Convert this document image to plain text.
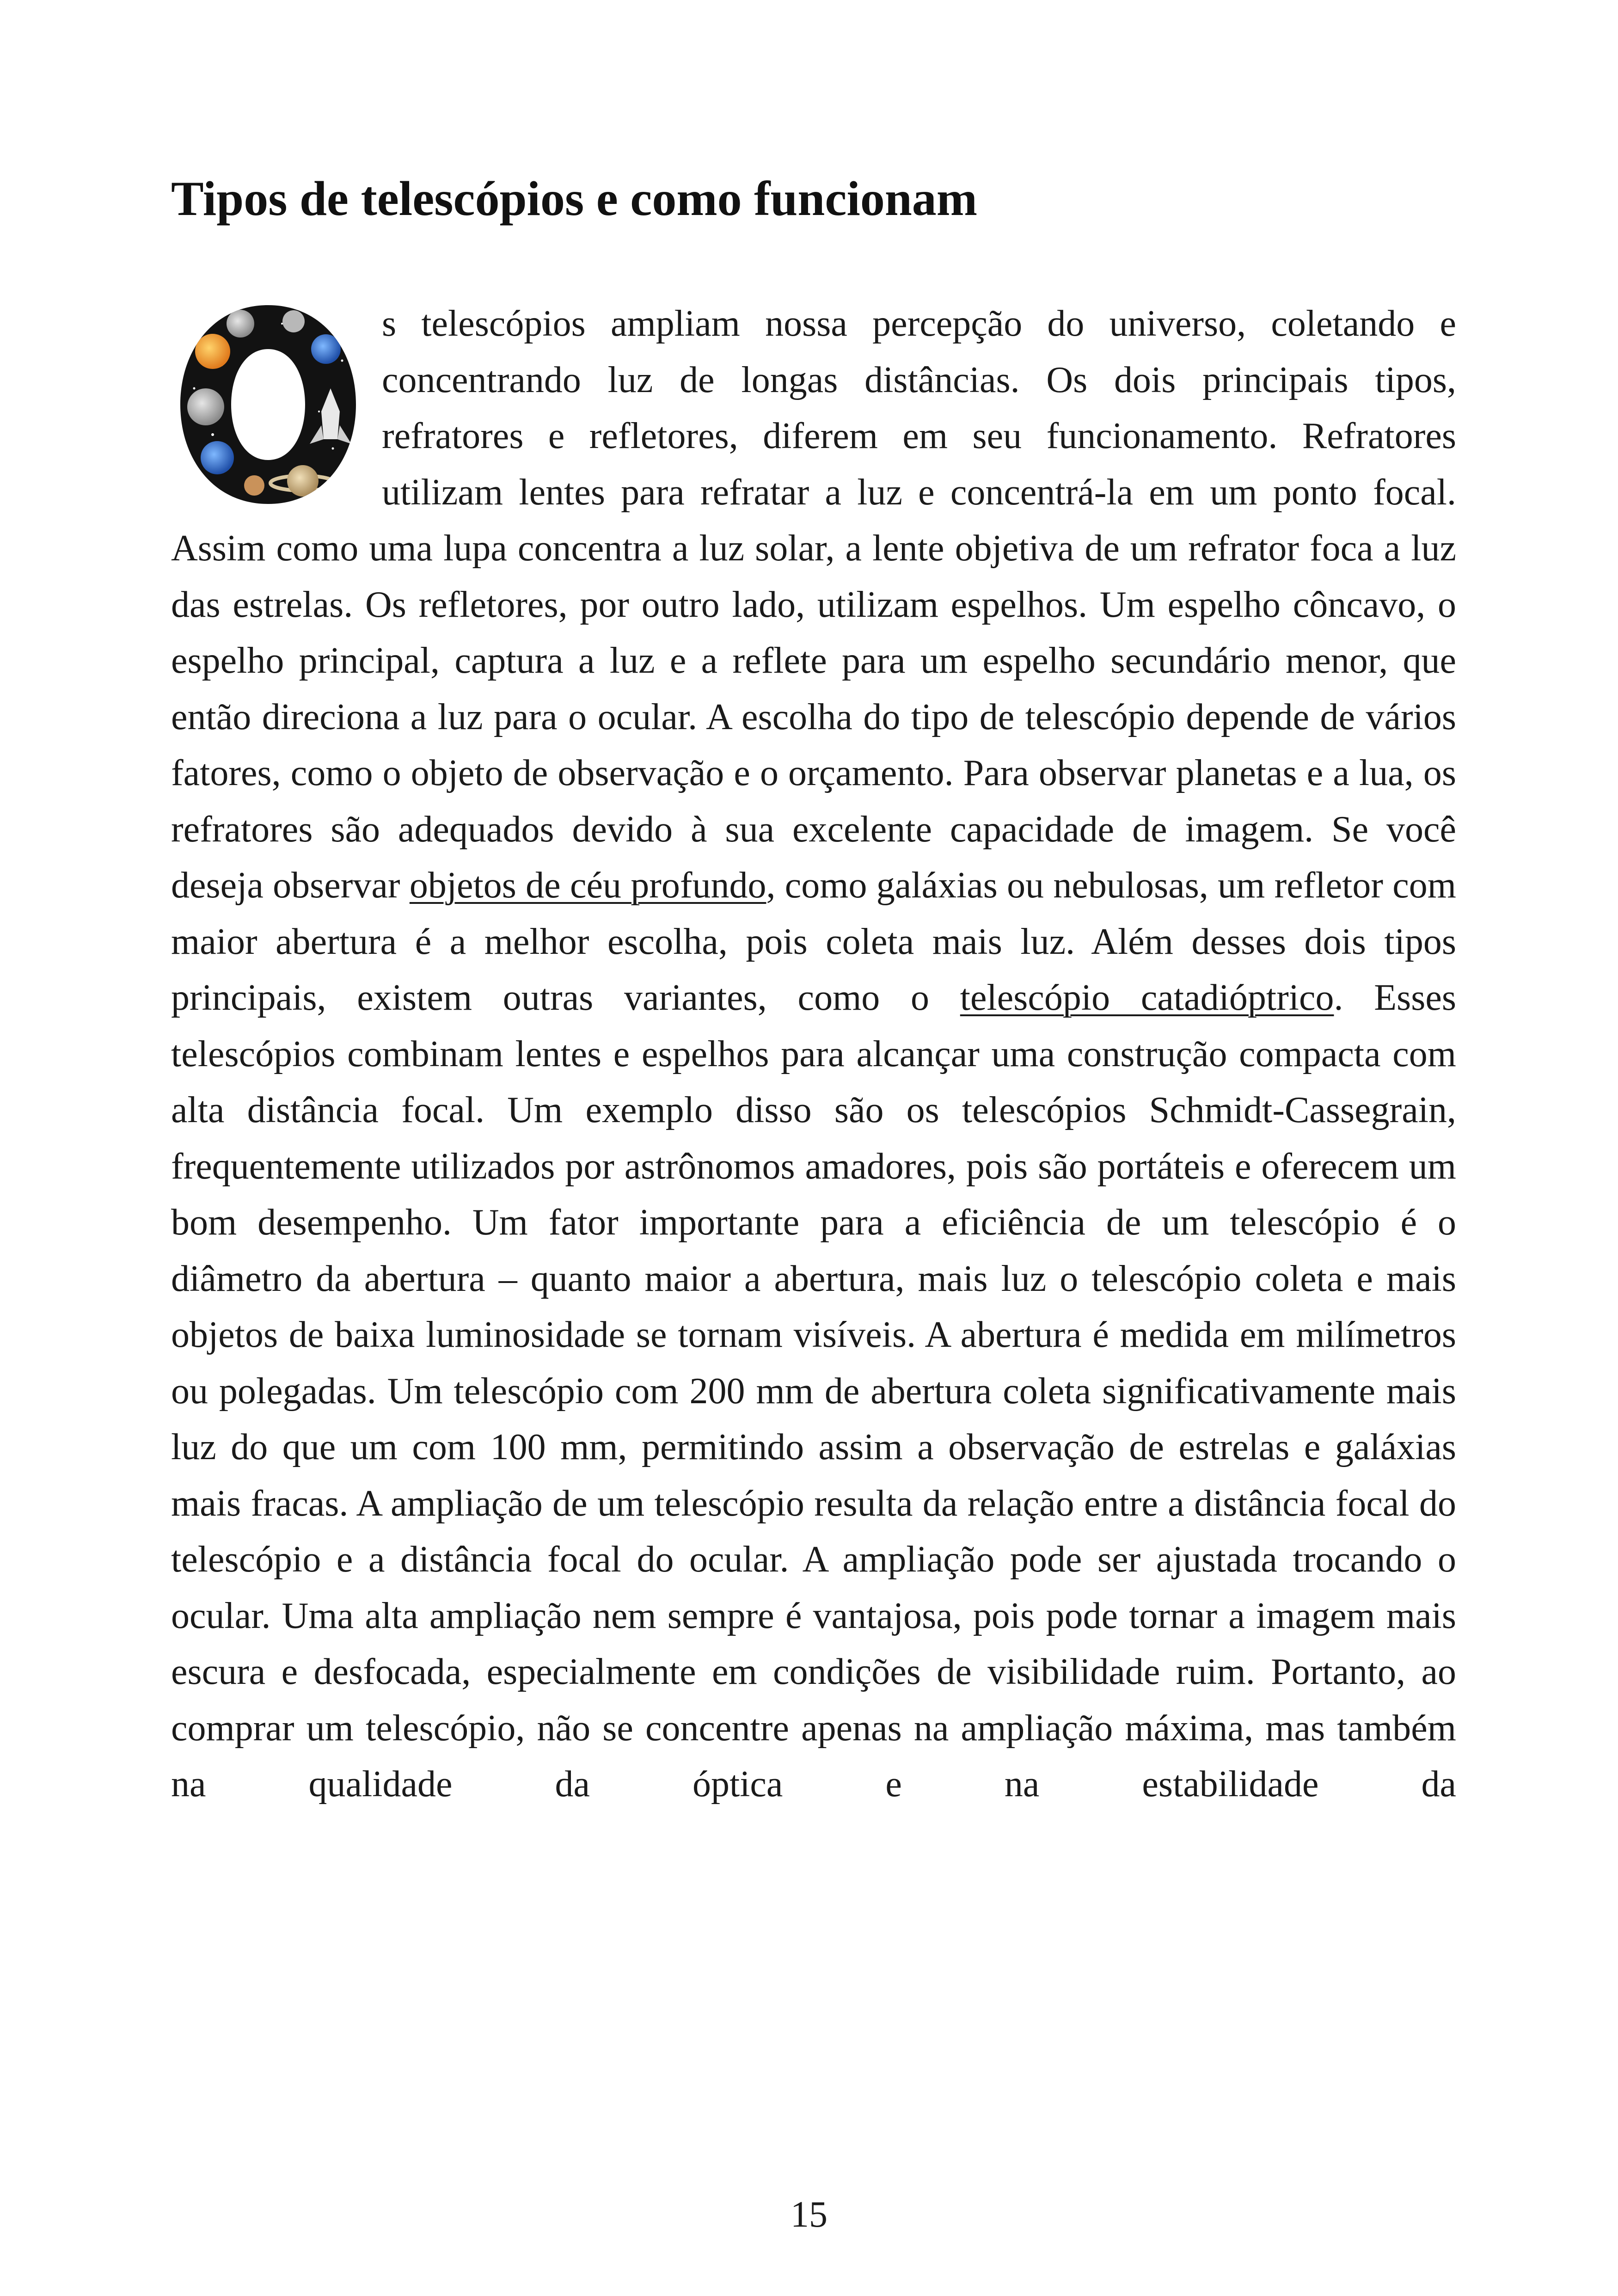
Tipos de telescópios e como funcionam

s telescópios ampliam nossa percepção do universo, coletando e concentrando luz de longas distâncias. Os dois principais tipos, refratores e refletores, diferem em seu funcionamento. Refratores utilizam lentes para refratar a luz e concentrá-la em um ponto focal. Assim como uma lupa concentra a luz solar, a lente objetiva de um refrator foca a luz das estrelas. Os refletores, por outro lado, utilizam espelhos. Um espelho côncavo, o espelho principal, captura a luz e a reflete para um espelho secundário menor, que então direciona a luz para o ocular. A escolha do tipo de telescópio depende de vários fatores, como o objeto de observação e o orçamento. Para observar planetas e a lua, os refratores são adequados devido à sua excelente capacidade de imagem. Se você deseja observar objetos de céu profundo, como galáxias ou nebulosas, um refletor com maior abertura é a melhor escolha, pois coleta mais luz. Além desses dois tipos principais, existem outras variantes, como o telescópio catadióptrico. Esses telescópios combinam lentes e espelhos para alcançar uma construção compacta com alta distância focal. Um exemplo disso são os telescópios Schmidt-Cassegrain, frequentemente utilizados por astrônomos amadores, pois são portáteis e oferecem um bom desempenho. Um fator importante para a eficiência de um telescópio é o diâmetro da abertura – quanto maior a abertura, mais luz o telescópio coleta e mais objetos de baixa luminosidade se tornam visíveis. A abertura é medida em milímetros ou polegadas. Um telescópio com 200 mm de abertura coleta significativamente mais luz do que um com 100 mm, permitindo assim a observação de estrelas e galáxias mais fracas. A ampliação de um telescópio resulta da relação entre a distância focal do telescópio e a distância focal do ocular. A ampliação pode ser ajustada trocando o ocular. Uma alta ampliação nem sempre é vantajosa, pois pode tornar a imagem mais escura e desfocada, especialmente em condições de visibilidade ruim. Portanto, ao comprar um telescópio, não se concentre apenas na ampliação máxima, mas também na qualidade da óptica e na estabilidade da

15
